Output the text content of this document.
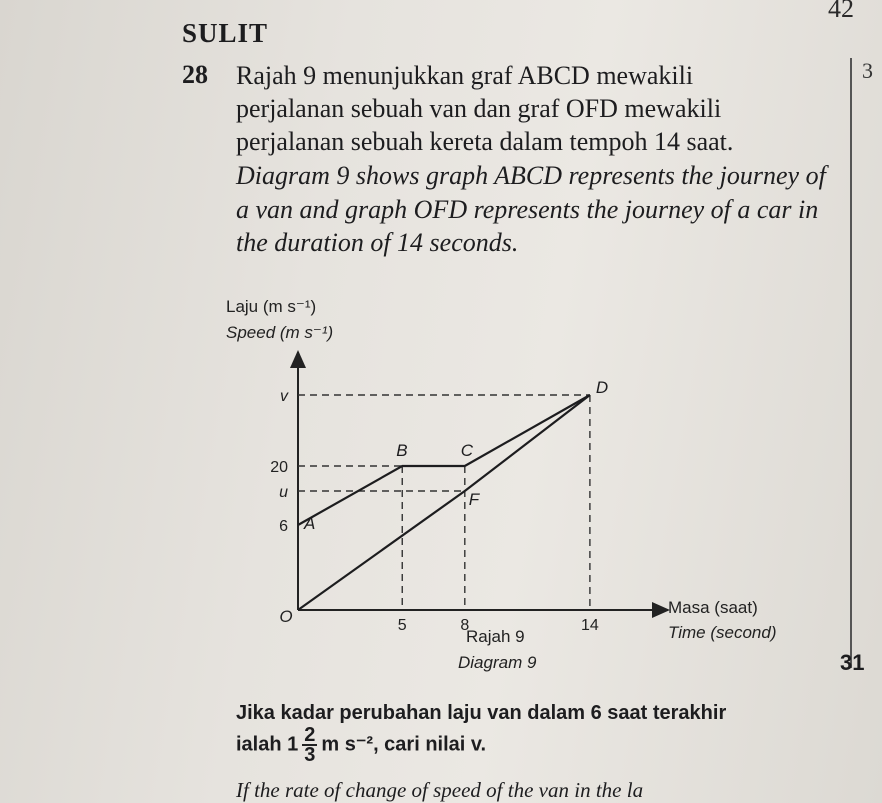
42
SULIT
3
28 Rajah 9 menunjukkan graf ABCD mewakili
perjalanan sebuah van dan graf OFD mewakili
perjalanan sebuah kereta dalam tempoh 14 saat.
Diagram 9 shows graph ABCD represents the journey of
a van and graph OFD represents the journey of a car in
the duration of 14 seconds.
Laju (m s⁻¹)
Speed (m s⁻¹)
5	8	14
v
20
u
6
O
A
B	C
D
F
Masa (saat)
Time (second)
Rajah 9
Diagram 9	31
Jika kadar perubahan laju van dalam 6 saat terakhir
ialah $1 \frac{2}{3}$ m s⁻², cari nilai v.
If the rate of change of speed of the van in the la
